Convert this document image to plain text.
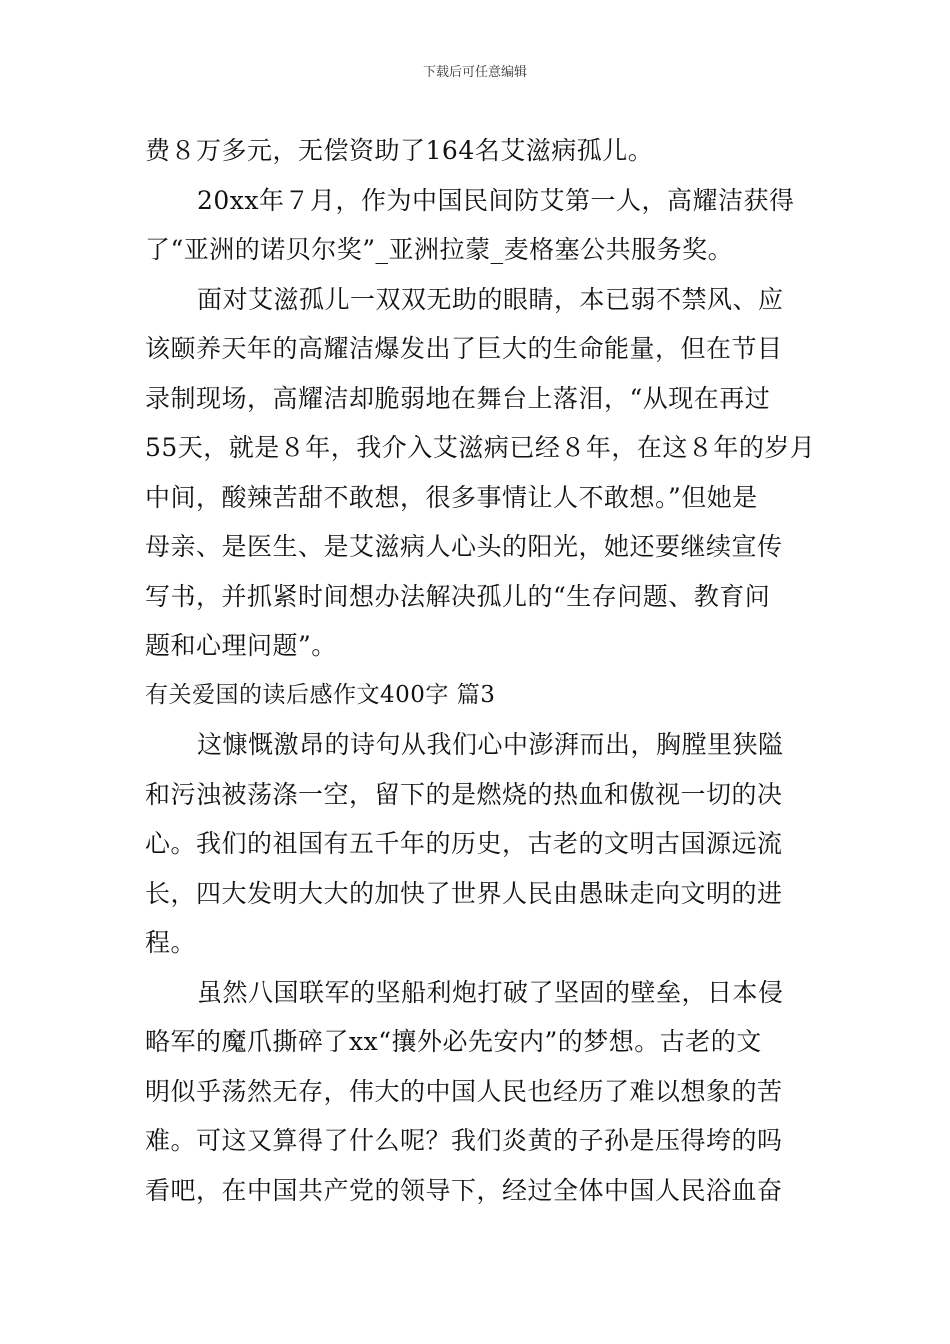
下载后可任意编辑
费８万多元，无偿资助了164名艾滋病孤儿。
20xx年７月，作为中国民间防艾第一人，高耀洁获得
了“亚洲的诺贝尔奖”_亚洲拉蒙_麦格塞公共服务奖。
面对艾滋孤儿一双双无助的眼睛，本已弱不禁风、应
该颐养天年的高耀洁爆发出了巨大的生命能量，但在节目
录制现场，高耀洁却脆弱地在舞台上落泪，“从现在再过
55天，就是８年，我介入艾滋病已经８年，在这８年的岁月
中间，酸辣苦甜不敢想，很多事情让人不敢想。”但她是
母亲、是医生、是艾滋病人心头的阳光，她还要继续宣传
写书，并抓紧时间想办法解决孤儿的“生存问题、教育问
题和心理问题”。
有关爱国的读后感作文400字 篇3
这慷慨激昂的诗句从我们心中澎湃而出，胸膛里狭隘
和污浊被荡涤一空，留下的是燃烧的热血和傲视一切的决
心。我们的祖国有五千年的历史，古老的文明古国源远流
长，四大发明大大的加快了世界人民由愚昧走向文明的进
程。
虽然八国联军的坚船利炮打破了坚固的壁垒，日本侵
略军的魔爪撕碎了xx“攘外必先安内”的梦想。古老的文
明似乎荡然无存，伟大的中国人民也经历了难以想象的苦
难。可这又算得了什么呢？我们炎黄的子孙是压得垮的吗
看吧，在中国共产党的领导下，经过全体中国人民浴血奋
